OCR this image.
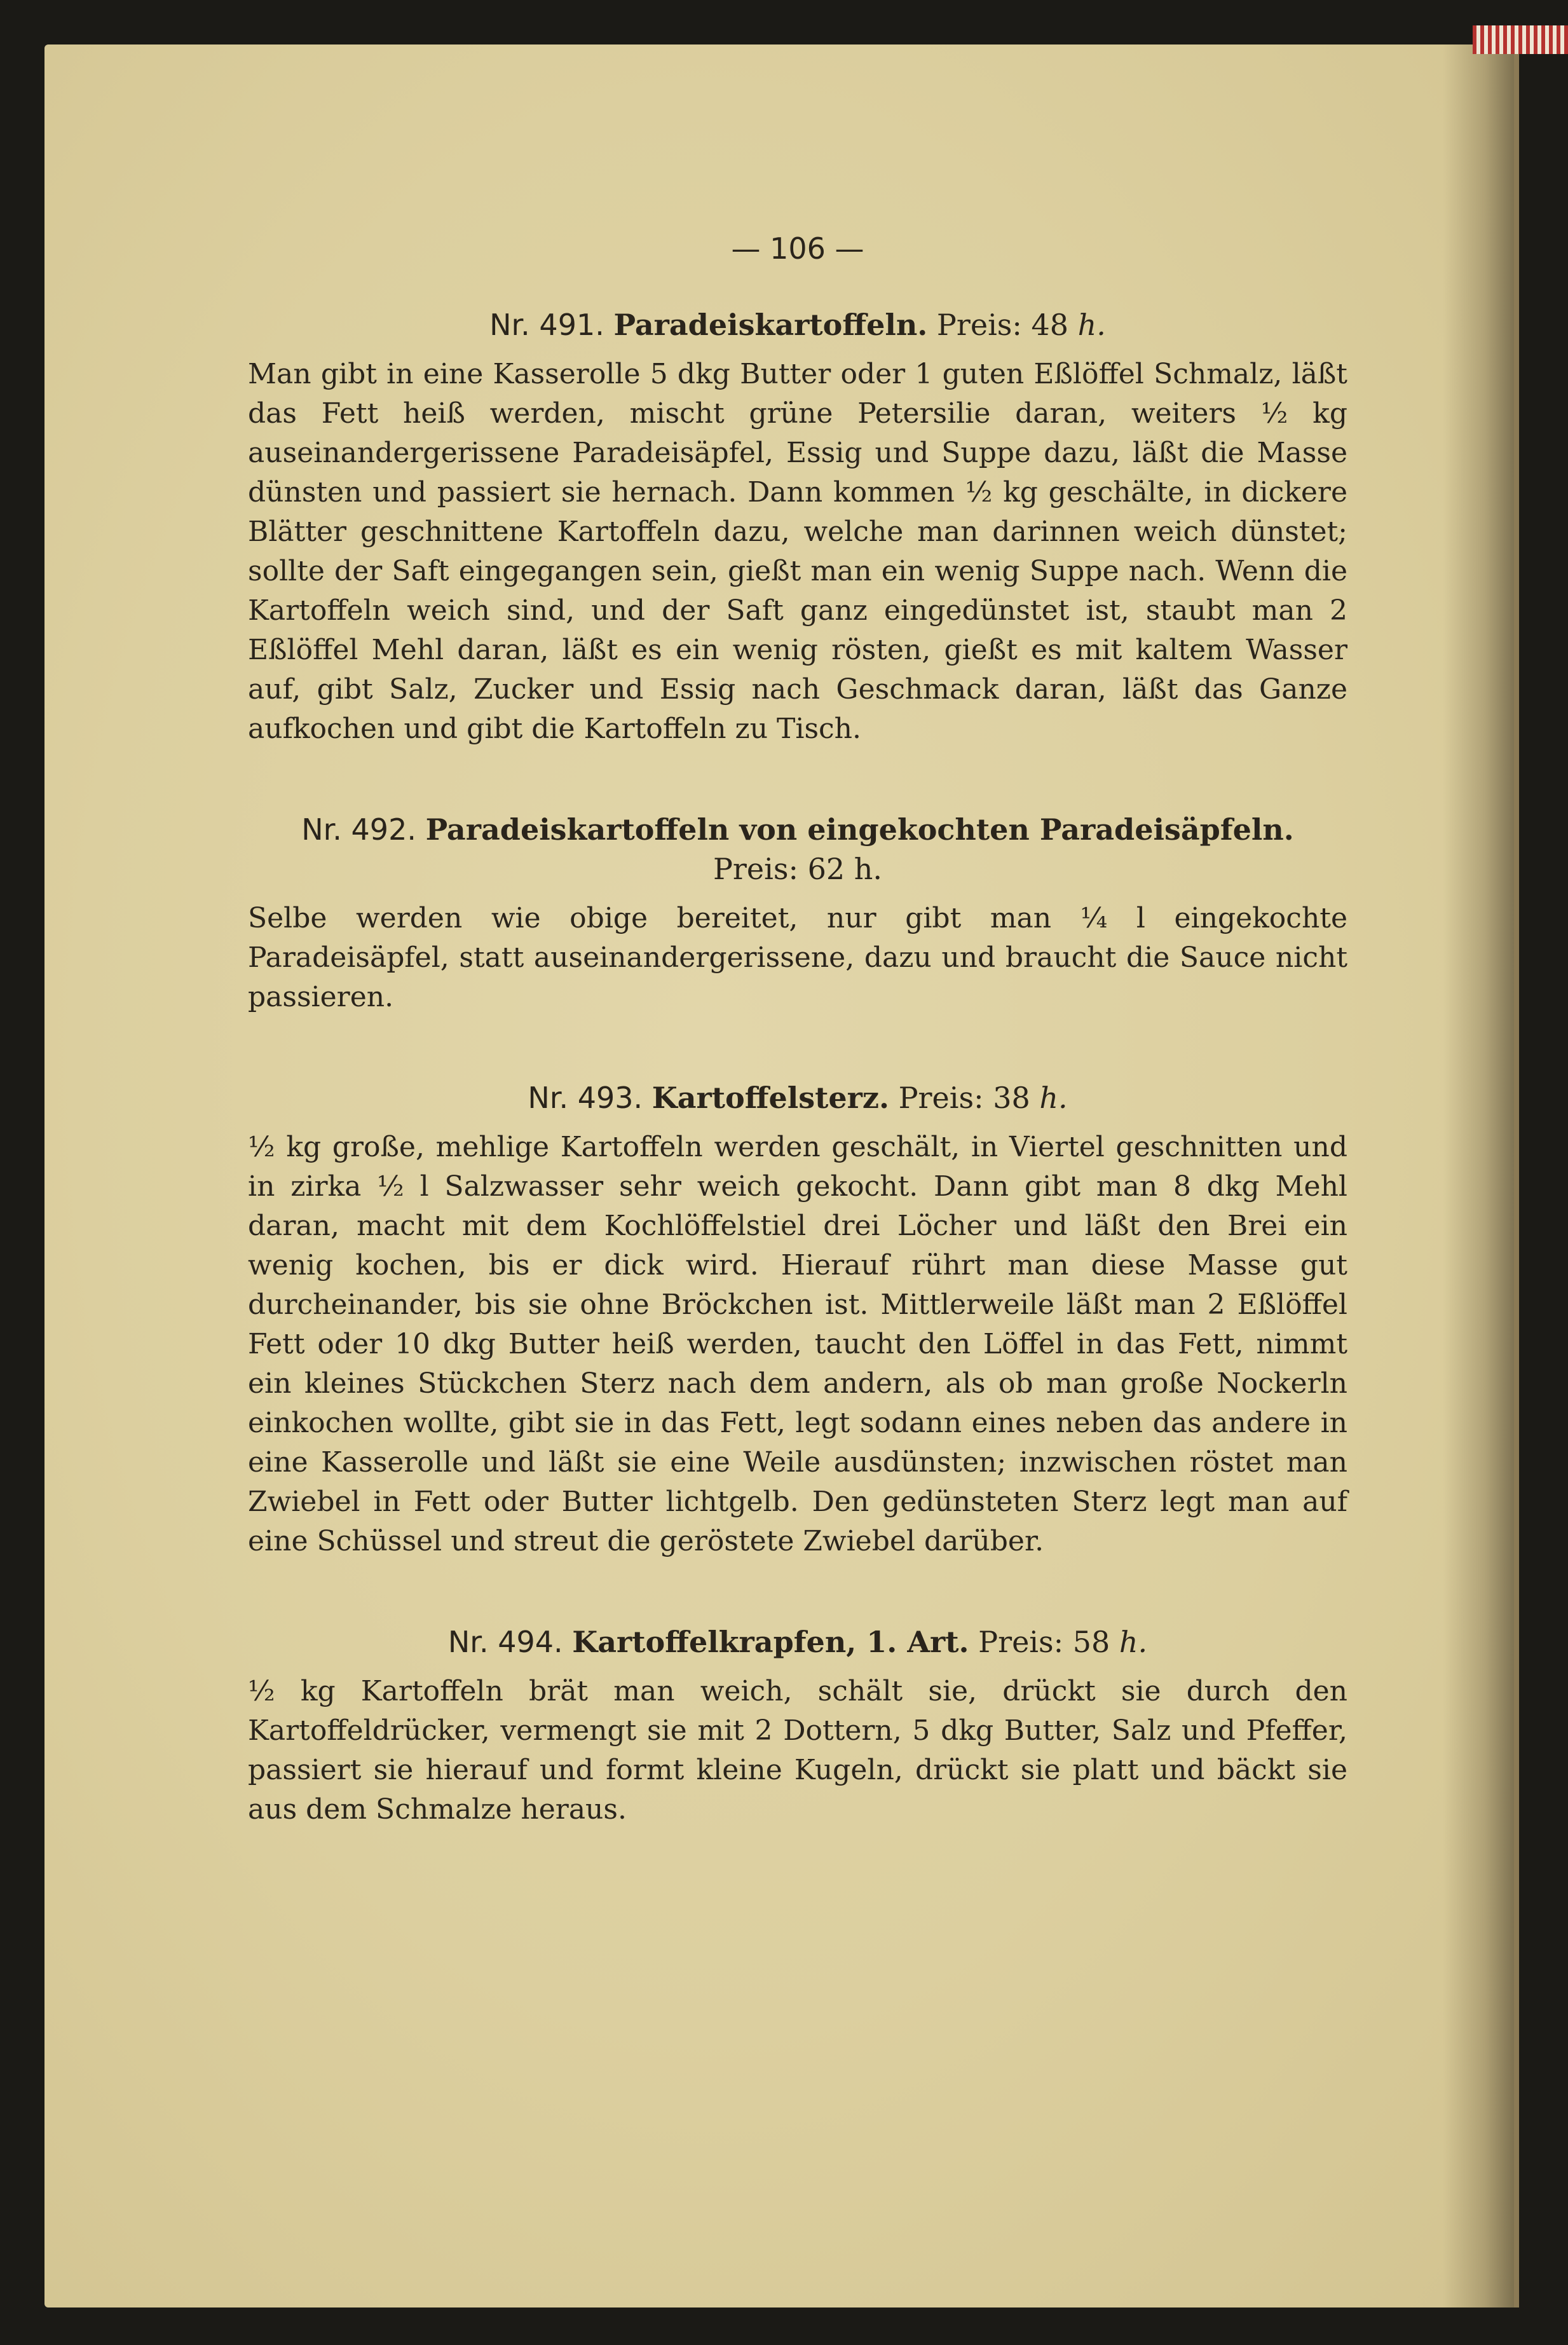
— 106 —

Nr. 491. Paradeiskartoffeln. Preis: 48 h.

Man gibt in eine Kasserolle 5 dkg Butter oder 1 guten Eßlöffel Schmalz, läßt das Fett heiß werden, mischt grüne Petersilie daran, weiters ½ kg auseinandergerissene Paradeisäpfel, Essig und Suppe dazu, läßt die Masse dünsten und passiert sie hernach. Dann kommen ½ kg geschälte, in dickere Blätter geschnittene Kartoffeln dazu, welche man darinnen weich dünstet; sollte der Saft eingegangen sein, gießt man ein wenig Suppe nach. Wenn die Kartoffeln weich sind, und der Saft ganz eingedünstet ist, staubt man 2 Eßlöffel Mehl daran, läßt es ein wenig rösten, gießt es mit kaltem Wasser auf, gibt Salz, Zucker und Essig nach Geschmack daran, läßt das Ganze aufkochen und gibt die Kartoffeln zu Tisch.

Nr. 492. Paradeiskartoffeln von eingekochten Paradeisäpfeln.

Preis: 62 h.

Selbe werden wie obige bereitet, nur gibt man ¼ l eingekochte Paradeisäpfel, statt auseinandergerissene, dazu und braucht die Sauce nicht passieren.

Nr. 493. Kartoffelsterz. Preis: 38 h.

½ kg große, mehlige Kartoffeln werden geschält, in Viertel geschnitten und in zirka ½ l Salzwasser sehr weich gekocht. Dann gibt man 8 dkg Mehl daran, macht mit dem Kochlöffelstiel drei Löcher und läßt den Brei ein wenig kochen, bis er dick wird. Hierauf rührt man diese Masse gut durcheinander, bis sie ohne Bröckchen ist. Mittlerweile läßt man 2 Eßlöffel Fett oder 10 dkg Butter heiß werden, taucht den Löffel in das Fett, nimmt ein kleines Stückchen Sterz nach dem andern, als ob man große Nockerln einkochen wollte, gibt sie in das Fett, legt sodann eines neben das andere in eine Kasserolle und läßt sie eine Weile ausdünsten; inzwischen röstet man Zwiebel in Fett oder Butter lichtgelb. Den gedünsteten Sterz legt man auf eine Schüssel und streut die geröstete Zwiebel darüber.

Nr. 494. Kartoffelkrapfen, 1. Art. Preis: 58 h.

½ kg Kartoffeln brät man weich, schält sie, drückt sie durch den Kartoffeldrücker, vermengt sie mit 2 Dottern, 5 dkg Butter, Salz und Pfeffer, passiert sie hierauf und formt kleine Kugeln, drückt sie platt und bäckt sie aus dem Schmalze heraus.
